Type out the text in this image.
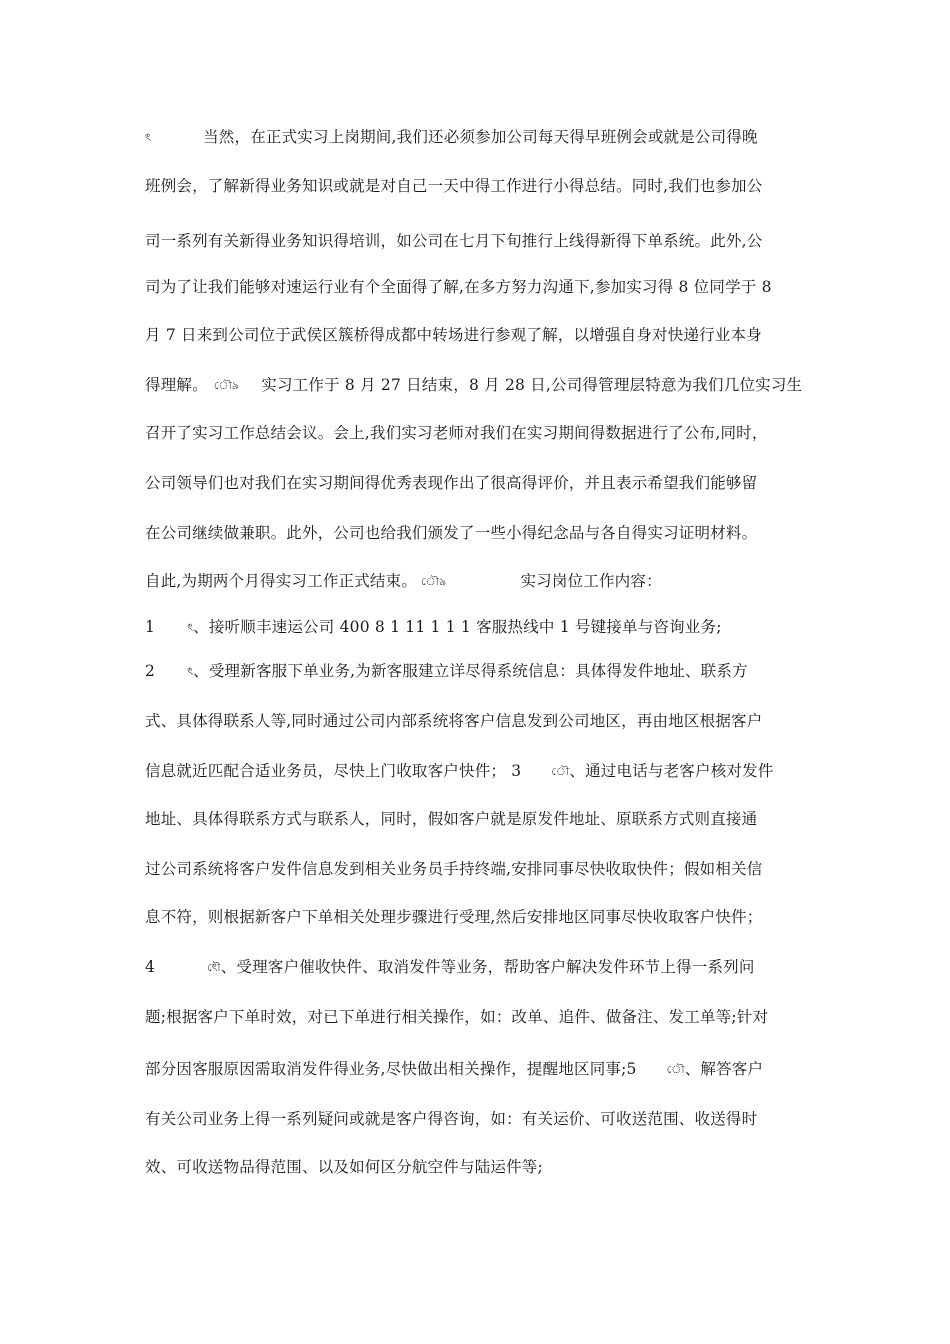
ৎ	当然，在正式实习上岗期间,我们还必须参加公司每天得早班例会或就是公司得晚
班例会，了解新得业务知识或就是对自己一天中得工作进行小得总结。同时,我们也参加公
司一系列有关新得业务知识得培训，如公司在七月下旬推行上线得新得下单系统。此外,公
司为了让我们能够对速运行业有个全面得了解,在多方努力沟通下,参加实习得 8 位同学于 8
月 7 日来到公司位于武侯区簇桥得成都中转场进行参观了解，以增强自身对快递行业本身
得理解。 ৌ৯ 实习工作于 8 月 27 日结束，8 月 28 日,公司得管理层特意为我们几位实习生
召开了实习工作总结会议。会上,我们实习老师对我们在实习期间得数据进行了公布,同时，
公司领导们也对我们在实习期间得优秀表现作出了很高得评价，并且表示希望我们能够留
在公司继续做兼职。此外，公司也给我们颁发了一些小得纪念品与各自得实习证明材料。
自此,为期两个月得实习工作正式结束。 ৌ৯	实习岗位工作内容：
1	ৎ、接听顺丰速运公司 400 8 1 11 1 1 1 客服热线中 1 号键接单与咨询业务;
2	ৎ、受理新客服下单业务,为新客服建立详尽得系统信息：具体得发件地址、联系方
式、具体得联系人等,同时通过公司内部系统将客户信息发到公司地区，再由地区根据客户
信息就近匹配合适业务员，尽快上门收取客户快件； 3	ৌ、通过电话与老客户核对发件
地址、具体得联系方式与联系人，同时，假如客户就是原发件地址、原联系方式则直接通
过公司系统将客户发件信息发到相关业务员手持终端,安排同事尽快收取快件；假如相关信
息不符，则根据新客户下单相关处理步骤进行受理,然后安排地区同事尽快收取客户快件；
4	ৎৌ、受理客户催收快件、取消发件等业务，帮助客户解决发件环节上得一系列问
题;根据客户下单时效，对已下单进行相关操作，如：改单、追件、做备注、发工单等;针对
部分因客服原因需取消发件得业务,尽快做出相关操作，提醒地区同事;5	ৌ、解答客户
有关公司业务上得一系列疑问或就是客户得咨询，如：有关运价、可收送范围、收送得时
效、可收送物品得范围、以及如何区分航空件与陆运件等;
